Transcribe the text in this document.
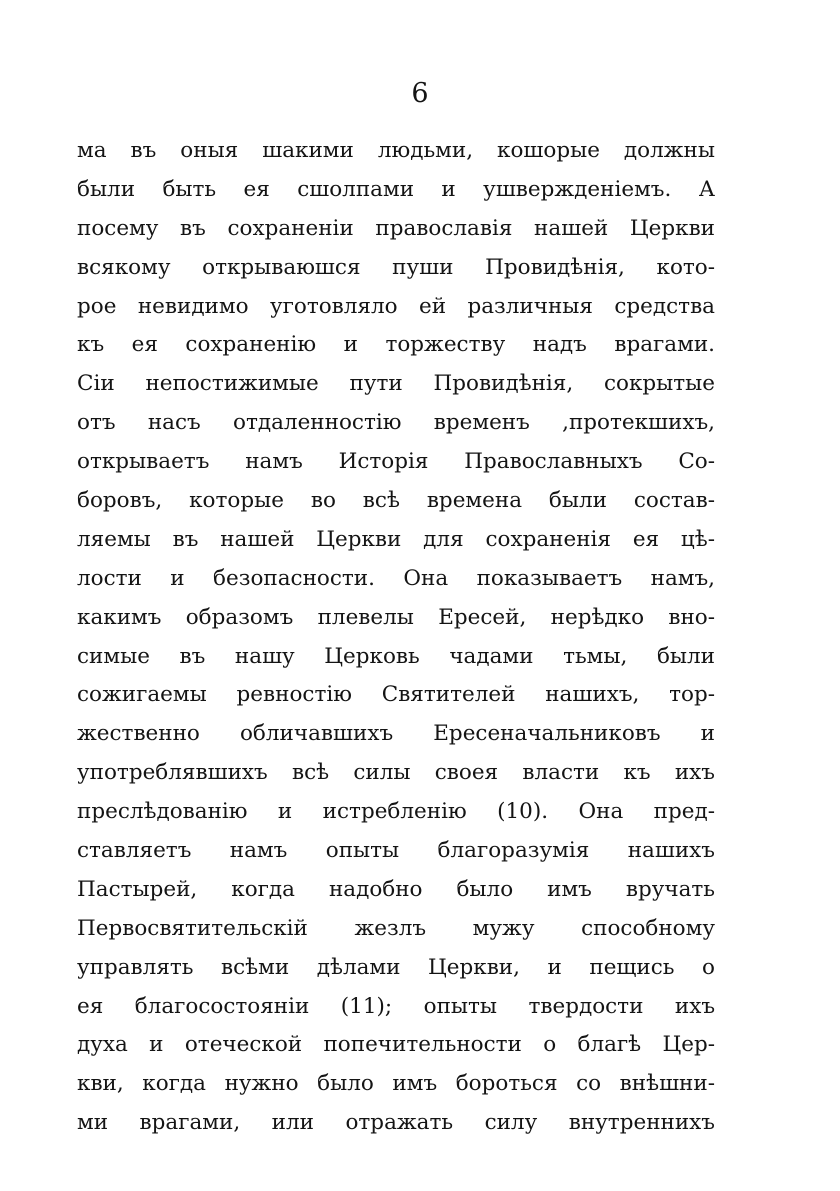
6
ма въ оныя шакими людьми, кошорые должны
были быть ея сшолпами и ушвержденіемъ. А
посему въ сохраненіи православія нашей Церкви
всякому открываюшся пуши Провидѣнія, кото-
рое невидимо уготовляло ей различныя средства
къ ея сохраненію и торжеству надъ врагами.
Сіи непостижимые пути Провидѣнія, сокрытые
отъ насъ отдаленностію временъ ,протекшихъ,
открываетъ намъ Исторія Православныхъ Со-
боровъ, которые во всѣ времена были состав-
ляемы въ нашей Церкви для сохраненія ея цѣ-
лости и безопасности. Она показываетъ намъ,
какимъ образомъ плевелы Ересей, нерѣдко вно-
симые въ нашу Церковь чадами тьмы, были
сожигаемы ревностію Святителей нашихъ, тор-
жественно обличавшихъ Ересеначальниковъ и
употреблявшихъ всѣ силы своея власти къ ихъ
преслѣдованію и истребленію (10). Она пред-
ставляетъ намъ опыты благоразумія нашихъ
Пастырей, когда надобно было имъ вручать
Первосвятительскій жезлъ мужу способному
управлять всѣми дѣлами Церкви, и пещись о
ея благосостояніи (11); опыты твердости ихъ
духа и отеческой попечительности о благѣ Цер-
кви, когда нужно было имъ бороться со внѣшни-
ми врагами, или отражать силу внутреннихъ
